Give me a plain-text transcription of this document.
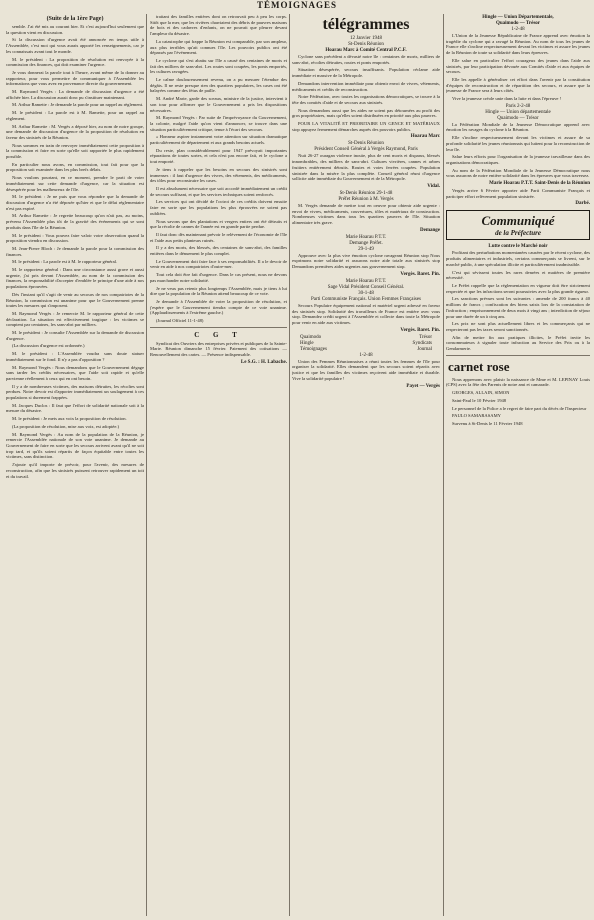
TÉMOIGNAGES
(Suite de la 1ère Page)

semble. J'ai été mis au courant hier. Et c'est aujourd'hui seulement que la question vient en discussion.

Si la discussion d'urgence avait été annoncée en temps utile à l'Assemblée, c'est moi qui vous aurais apporté les renseignements, car je les connaissais avant tout le monde.

M. le président : La proposition de résolution est renvoyée à la commission des finances, qui doit examiner l'urgence.

Je vous donnerai la parole tout à l'heure, avant même de la donner au rapporteur, pour vous permettre de communiquer à l'Assemblée les informations que vous avez en provenance directe du gouvernement.

M. Raymond Vergès : La demande de discussion d'urgence a été affichée hier. La discussion aurait donc pu s'instituer maintenant.

M. Arthur Ramette : Je demande la parole pour un rappel au règlement.

M. le président : La parole est à M. Ramette, pour un rappel au règlement.

M. Arthur Ramette : M. Vergès a déposé hier, au nom de notre groupe, une demande de discussion d'urgence de la proposition de résolution en faveur des sinistrés de la Réunion.

Nous sommes en train de renvoyer immédiatement cette proposition à la commission et faire en sorte qu'elle soit rapportée le plus rapidement possible.

En particulier nous avons, en commission, tout fait pour que la proposition soit examinée dans les plus brefs délais.

Nous voulons pourtant, en ce moment, prendre le parti de voter immédiatement sur cette demande d'urgence, car la situation est désespérée pour les malheureux de l'île.

M. le président : Je ne puis que vous répondre que la demande de discussion d'urgence n'a été déposée qu'hier et que le délai réglementaire n'est pas expiré.

M. Arthur Ramette : Je regrette beaucoup qu'on n'ait pas, au moins, prévenu l'Assemblée plus tôt de la gravité des événements qui se sont produits dans l'île de la Réunion.

M. le président : Vous pouvez faire valoir votre observation quand la proposition viendra en discussion.

M. Jean-Pierre Bloch : Je demande la parole pour la commission des finances.

M. le président : La parole est à M. le rapporteur général.

M. le rapporteur général : Dans une circonstance aussi grave et aussi urgente, j'ai pris devant l'Assemblée, au nom de la commission des finances, la responsabilité d'accepter d'emblée le principe d'une aide à nos populations éprouvées.

Dès l'instant qu'il s'agit de venir au secours de nos compatriotes de la Réunion, la commission est unanime pour que le Gouvernement prenne toutes les mesures qui s'imposent.

M. Raymond Vergès : Je remercie M. le rapporteur général de cette déclaration. La situation est effectivement tragique : les victimes se comptent par centaines, les sans-abri par milliers.

M. le président : Je consulte l'Assemblée sur la demande de discussion d'urgence.

(La discussion d'urgence est ordonnée.)

M. le président : L'Assemblée voudra sans doute statuer immédiatement sur le fond. Il n'y a pas d'opposition ?

M. Raymond Vergès : Nous demandons que le Gouvernement dégage sans tarder les crédits nécessaires, que l'aide soit rapide et qu'elle parvienne réellement à ceux qui en ont besoin.

Il y a de nombreuses victimes, des maisons détruites, les récoltes sont perdues. Notre devoir est d'apporter immédiatement un soulagement à ces populations si durement frappées.

M. Jacques Duclos : Il faut que l'effort de solidarité nationale soit à la mesure du désastre.

M. le président : Je mets aux voix la proposition de résolution.

(La proposition de résolution, mise aux voix, est adoptée.)

M. Raymond Vergès : Au nom de la population de la Réunion, je remercie l'Assemblée nationale de son vote unanime. Je demande au Gouvernement de faire en sorte que les secours arrivent avant qu'il ne soit trop tard, et qu'ils soient répartis de façon équitable entre toutes les victimes, sans distinction.

J'ajoute qu'il importe de prévoir, pour l'avenir, des mesures de reconstruction, afin que les sinistrés puissent retrouver rapidement un toit et du travail.

traitant des familles entières dont on retrouvait peu à peu les corps. Sitôt que la mer, que les rivières charriaient des débris de pauvres maisons de bois et des cadavres d'enfants, on ne pouvait que pleurer devant l'ampleur du désastre.

La catastrophe qui frappe la Réunion est comparable, par son ampleur, aux plus terribles qu'ait connues l'île. Les pouvoirs publics ont été dépassés par l'événement.

Le cyclone qui s'est abattu sur l'île a causé des centaines de morts et fait des milliers de sans-abri. Les routes sont coupées, les ponts emportés, les cultures ravagées.

Le calme douloureusement revenu, on a pu mesurer l'étendue des dégâts. Il ne reste presque rien des quartiers populaires, les cases ont été balayées comme des fétus de paille.

M. André Marie, garde des sceaux, ministre de la justice, intervient à son tour pour affirmer que le Gouvernement a pris les dispositions nécessaires.

M. Raymond Vergès : Par suite de l'imprévoyance du Gouvernement, la colonie, malgré l'aide qu'on vient d'annoncer, se trouve dans une situation particulièrement critique, tenue à l'écart des secours.

« Honneur aspirer instamment votre attention sur situation dramatique particulièrement de département et aux grands besoins actuels.

Du reste, plan considérablement pour 1947 prévoyait importantes réparations de toutes sortes, et cela n'est pas encore fait, et le cyclone a tout emporté.

Je tiens à rappeler que les besoins en secours des sinistrés sont immenses : il faut d'urgence des vivres, des vêtements, des médicaments, des tôles pour reconstruire les cases.

Il est absolument nécessaire que soit accordé immédiatement un crédit de secours suffisant, et que les services techniques soient renforcés.

Les services qui ont décidé de l'octroi de ces crédits doivent ensuite faire en sorte que les populations les plus éprouvées ne soient pas oubliées.

Nous savons que des plantations et vergers entiers ont été détruits et que la récolte de cannes de l'année est en grande partie perdue.

Il faut donc dès maintenant prévoir le relèvement de l'économie de l'île et l'aide aux petits planteurs ruinés.

Il y a des morts, des blessés, des centaines de sans-abri, des familles entières dans le dénuement le plus complet.

Le Gouvernement doit faire face à ses responsabilités. Il a le devoir de venir en aide à nos compatriotes d'outre-mer.

Tout cela doit être fait d'urgence. Dans le cas présent, nous ne devons pas marchander notre solidarité.

Je ne veux pas retenir plus longtemps l'Assemblée, mais je tiens à lui dire que la population de la Réunion attend beaucoup de ce vote.

Je demande à l'Assemblée de voter la proposition de résolution, et j'espère que le Gouvernement tiendra compte de ce vote unanime. (Applaudissements à l'extrême gauche.)

(Journal Officiel 11-1-48)

C G T

Syndicat des Ouvriers des entreprises privées et publiques de la Sainte-Marie. Réunion dimanche 15 février. Paiement des cotisations — Renouvellement des cartes. — Présence indispensable.

Le S.G. : H. Labache.
télégrammes
12 Janvier 1948
St-Denis Réunion
Hoarau Marc à Comité Central P.C.F.

Cyclone sans précédent a dévasté notre île : centaines de morts, milliers de sans-abri, récoltes détruites, routes et ponts emportés.

Situation désespérée, secours insuffisants. Population réclame aide immédiate et massive de la Métropole.

Demandons intervention immédiate pour obtenir envoi de vivres, vêtements, médicaments et crédits de reconstruction.

Notre Fédération, avec toutes les organisations démocratiques, se trouve à la tête des comités d'aide et de secours aux sinistrés.

Nous demandons aussi que les aides ne soient pas détournées au profit des gros propriétaires, mais qu'elles soient distribuées en priorité aux plus pauvres.

POUR LA VITALITÉ ET PRIORITAIRE UN GENCE ET MATÉRIAUX stop appuyez fermement démarches auprès des pouvoirs publics.

Hoarau Marc
St-Denis Réunion
Président Conseil Général à Vergès Raymond, Paris

Nuit 26-27 ouragan violence inouïe, plus de cent morts et disparus, blessés innombrables, des milliers de sans-abri. Cultures vivrières, cannes et arbres fruitiers entièrement détruits. Routes et voies ferrées coupées. Population sinistrée dans la misère la plus complète. Conseil général réuni d'urgence sollicite aide immédiate du Gouvernement et de la Métropole.

Vidal.
St-Denis Réunion 29-1-48
Préfet Réunion à M. Vergès

M. Vergès demande de mettre tout en oeuvre pour obtenir aide urgente : envoi de vivres, médicaments, couvertures, tôles et matériaux de construction. Nombreuses victimes dans tous les quartiers pauvres de l'île. Situation alimentaire très grave.

Demange
Marie Hoarau P.T.T.
Demange Préfet.
29-1-49

Approuve avec la plus vive émotion cyclone ravageant Réunion stop Nous exprimons notre solidarité et assurons notre aide totale aux sinistrés stop Demandons premières aides urgentes aux gouvernement stop.

Vergès. Baret. Pin.
Marie Hoarau P.T.T.
Sage Vidal Président Conseil Général.
30-1-48
Parti Communiste Français. Union Femmes Françaises

Secours Populaire équipement national et matériel urgent adressé en faveur des sinistrés stop. Solidarité des travailleurs de France est entière avec vous stop. Demandez crédit urgent à l'Assemblée et collecte dans toute la Métropole pour venir en aide aux victimes.

Vergès. Baret. Pin.
Quaimodo	Trésor
Hingle	Syndicats
Témoignages	Journal
1-2-48

Union des Femmes Réunionnaises a réuni toutes les femmes de l'île pour organiser la solidarité. Elles demandent que les secours soient répartis avec justice et que les familles des victimes reçoivent aide immédiate et durable. Vive la solidarité populaire !

Payet — Vergès
Hingle — Union Départementale,
Quaimodo — Trésor
1-2-48

L'Union de la Jeunesse Républicaine de France apprend avec émotion la tragédie du cyclone qui a ravagé la Réunion. Au nom de tous les jeunes de France elle s'incline respectueusement devant les victimes et assure les jeunes de la Réunion de toute sa solidarité dans leurs épreuves.

Elle salue en particulier l'effort courageux des jeunes dans l'aide aux sinistrés, par leur participation dévouée aux Comités d'aide et aux équipes de secours.

Elle les appelle à généraliser cet effort dans l'avenir par la constitution d'équipes de reconstruction et de répartition des secours, et assure que la jeunesse de France sera à leurs côtés.

Vive la jeunesse créole unie dans la lutte et dans l'épreuve !

Paris 2-2-48
Hingle — Union départementale
Quaimodo — Trésor

La Fédération Mondiale de la Jeunesse Démocratique apprend avec émotion les ravages du cyclone à la Réunion.

Elle s'incline respectueusement devant les victimes et assure de sa profonde solidarité les jeunes réunionnais qui luttent pour la reconstruction de leur île.

Salue leurs efforts pour l'organisation de la jeunesse travailleuse dans des organisations démocratiques.

Au nom de la Fédération Mondiale de la Jeunesse Démocratique nous vous assurons de notre entière solidarité dans les épreuves que vous traversez.

Marie Hoarau P.T.T. Saint-Denis de la Réunion

Vergès arrive 6 Février apporter aide Parti Communiste Français et participer effort relèvement population sinistrée.

Darbé.
Communiqué
de la Préfecture
Lutte contre le Marché noir

Profitant des perturbations momentanées causées par le récent cyclone, des produits alimentaires et industriels, certains commerçants se livrent, sur le marché public, à une spéculation illicite et particulièrement inadmissible.

C'est qui sévissent toutes les rares denrées et matières de première nécessité.

Le Préfet rappelle que la réglementation en vigueur doit être strictement respectée et que les infractions seront poursuivies avec la plus grande rigueur.

Les sanctions prévues sont les suivantes : amende de 200 francs à 40 millions de francs ; confiscation des biens saisis lors de la constatation de l'infraction ; emprisonnement de deux mois à vingt ans ; interdiction de séjour pour une durée de un à cinq ans.

Les prix ne sont plus actuellement libres et les commerçants qui ne respecteront pas les taxes seront sanctionnés.

Afin de mettre fin aux pratiques illicites, le Préfet invite les consommateurs à signaler toute infraction au Service des Prix ou à la Gendarmerie.

carnet rose

Nous apprenons avec plaisir la naissance de Mme et M. LEPINAY Louis (CPS) avec la fête des Parents de notre ami et camarade.

GEORGES, ALLAIN, SIMON

Saint-Paul le 10 Février 1948

Le personnel de la Police a le regret de faire part du décès de l'Inspecteur

PAULO SAMARASAMY

Survenu à St-Denis le 11 Février 1948
